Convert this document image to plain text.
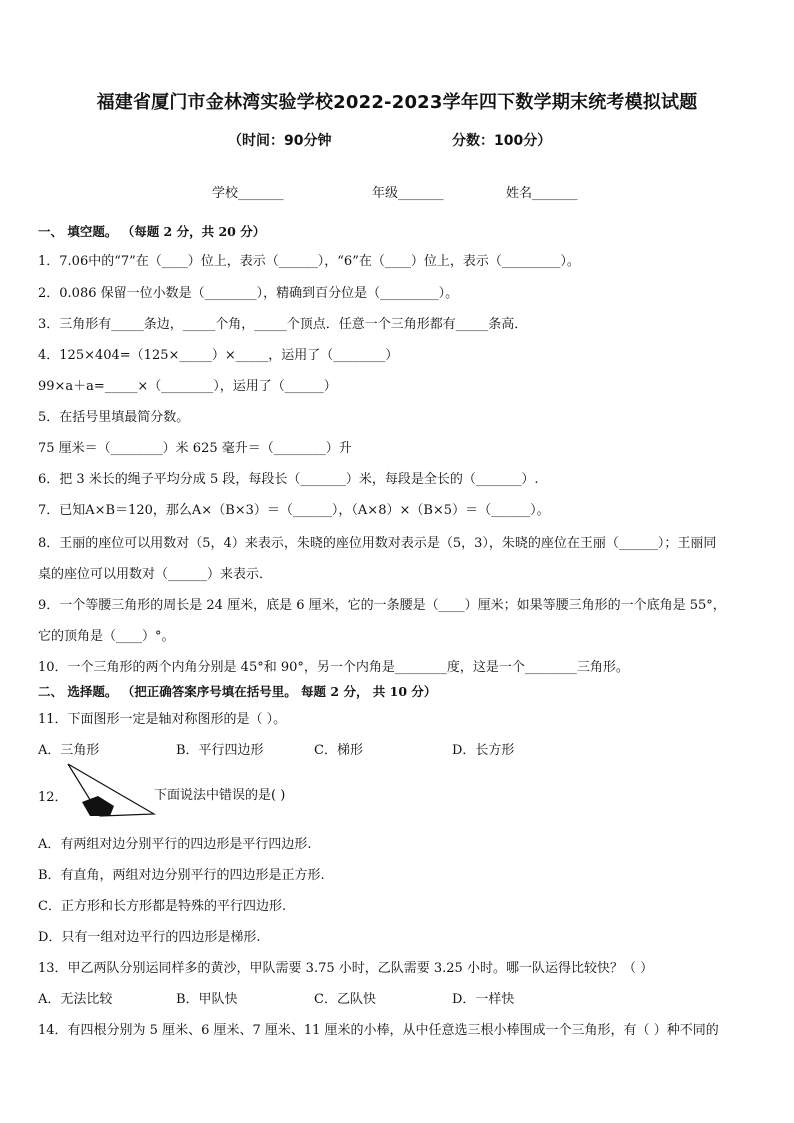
福建省厦门市金林湾实验学校2022-2023学年四下数学期末统考模拟试题
（时间：90分钟	分数：100分）
学校_______	年级_______	姓名_______
一、 填空题。 （每题 2 分，共 20 分）
1．7.06中的“7”在（____）位上，表示（______），“6”在（____）位上，表示（_________）。
2．0.086 保留一位小数是（________），精确到百分位是（_________）。
3．三角形有_____条边，_____个角，_____个顶点．任意一个三角形都有_____条高．
4．125×404=（125×_____）×_____，运用了（________）
99×a＋a=_____×（________），运用了（______）
5．在括号里填最简分数。
75 厘米＝（________）米 625 毫升＝（________）升
6．把 3 米长的绳子平均分成 5 段，每段长（_______）米，每段是全长的（_______）.
7．已知A×B＝120，那么A×（B×3）＝（______），（A×8）×（B×5）＝（______）。
8．王丽的座位可以用数对（5，4）来表示，朱晓的座位用数对表示是（5，3），朱晓的座位在王丽（______）；王丽同
桌的座位可以用数对（______）来表示．
9．一个等腰三角形的周长是 24 厘米，底是 6 厘米，它的一条腰是（____）厘米；如果等腰三角形的一个底角是 55°，
它的顶角是（____）°。
10．一个三角形的两个内角分别是 45°和 90°，另一个内角是________度，这是一个________三角形。
二、 选择题。 （把正确答案序号填在括号里。 每题 2 分， 共 10 分）
11．下面图形一定是轴对称图形的是（ ）。
A．三角形	B．平行四边形	C．梯形	D．长方形
12．	下面说法中错误的是( )
A．有两组对边分别平行的四边形是平行四边形.
B．有直角，两组对边分别平行的四边形是正方形.
C．正方形和长方形都是特殊的平行四边形.
D．只有一组对边平行的四边形是梯形.
13．甲乙两队分别运同样多的黄沙，甲队需要 3.75 小时，乙队需要 3.25 小时。哪一队运得比较快？（ ）
A．无法比较	B．甲队快	C．乙队快	D．一样快
14．有四根分别为 5 厘米、6 厘米、7 厘米、11 厘米的小棒，从中任意选三根小棒围成一个三角形，有（ ）种不同的
